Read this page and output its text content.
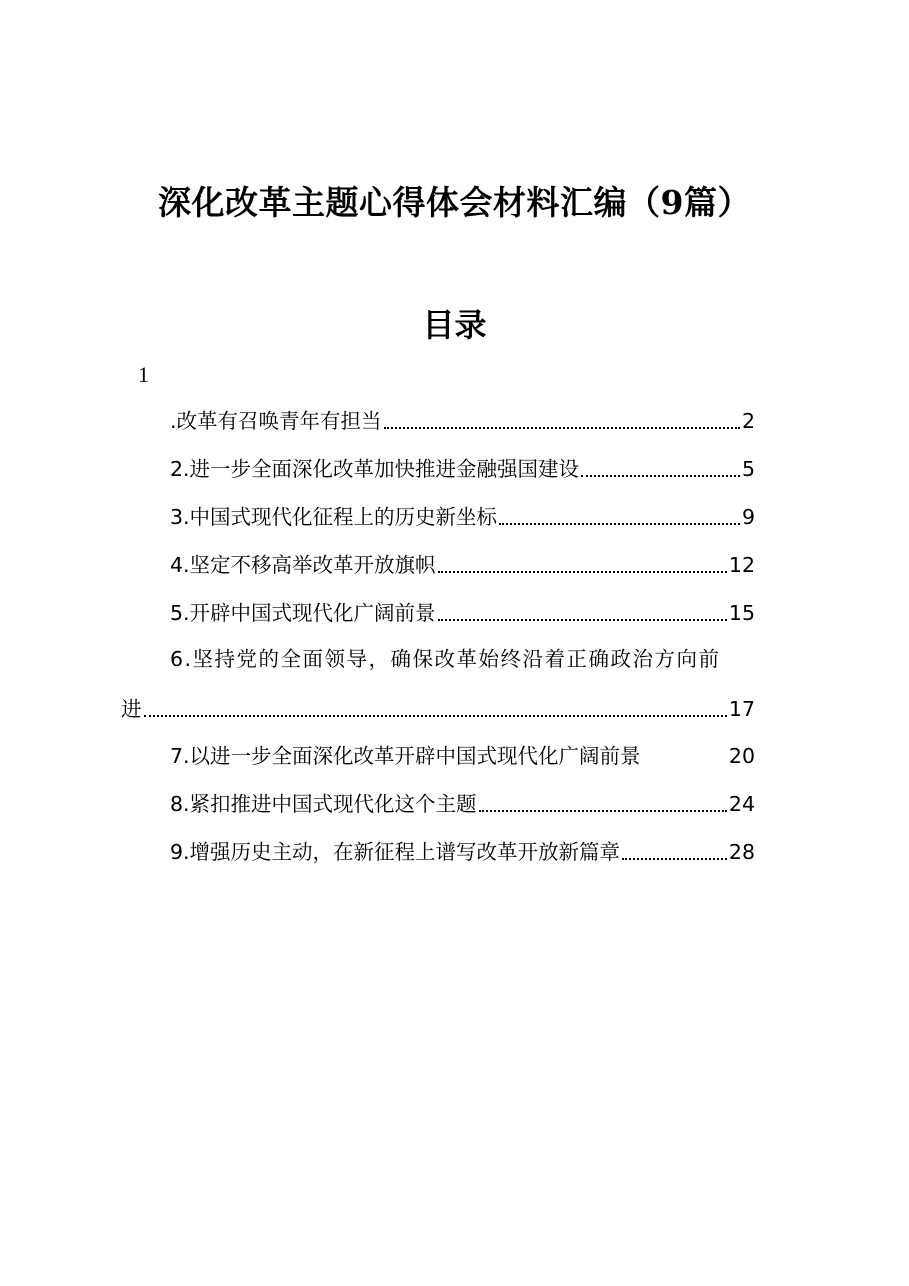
深化改革主题心得体会材料汇编（9篇）
目录
1
.改革有召唤青年有担当	2
2.进一步全面深化改革加快推进金融强国建设	5
3.中国式现代化征程上的历史新坐标	9
4.坚定不移高举改革开放旗帜	12
5.开辟中国式现代化广阔前景	15
6.坚持党的全面领导，确保改革始终沿着正确政治方向前
进	17
7.以进一步全面深化改革开辟中国式现代化广阔前景	20
8.紧扣推进中国式现代化这个主题	24
9.增强历史主动，在新征程上谱写改革开放新篇章	28
